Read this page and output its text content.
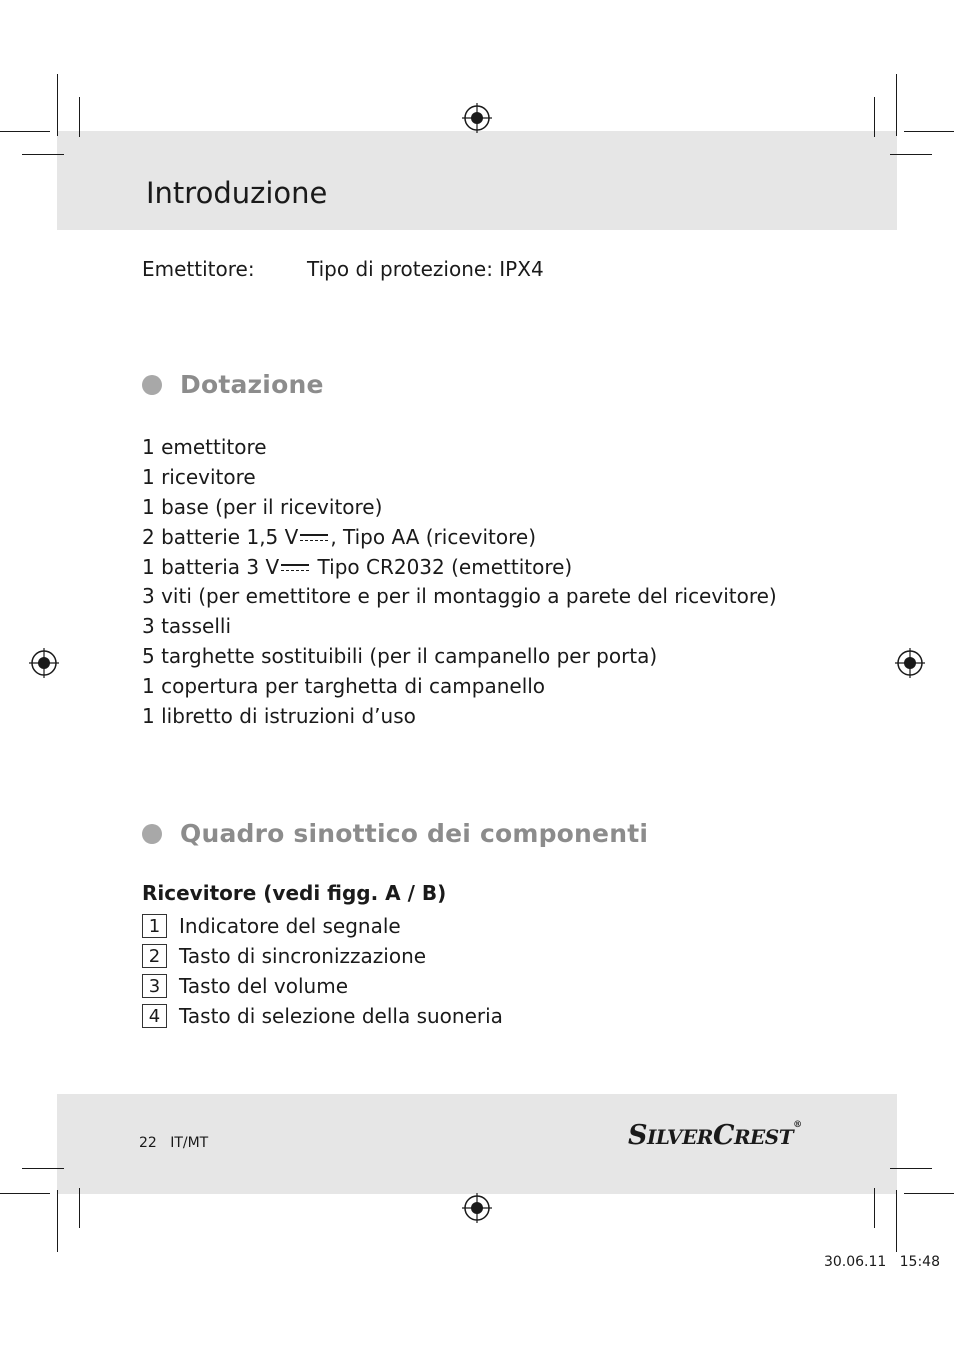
Introduzione
Emettitore:	Tipo di protezione: IPX4
Dotazione
1 emettitore
1 ricevitore
1 base (per il ricevitore)
2 batterie 1,5 V , Tipo AA (ricevitore)
1 batteria 3 V Tipo CR2032 (emettitore)
3 viti (per emettitore e per il montaggio a parete del ricevitore)
3 tasselli
5 targhette sostituibili (per il campanello per porta)
1 copertura per targhetta di campanello
1 libretto di istruzioni d’uso
Quadro sinottico dei componenti
Ricevitore (vedi figg. A / B)
1 Indicatore del segnale
2 Tasto di sincronizzazione
3 Tasto del volume
4 Tasto di selezione della suoneria
22 IT/MT	SILVERCREST®
30.06.11 15:48
